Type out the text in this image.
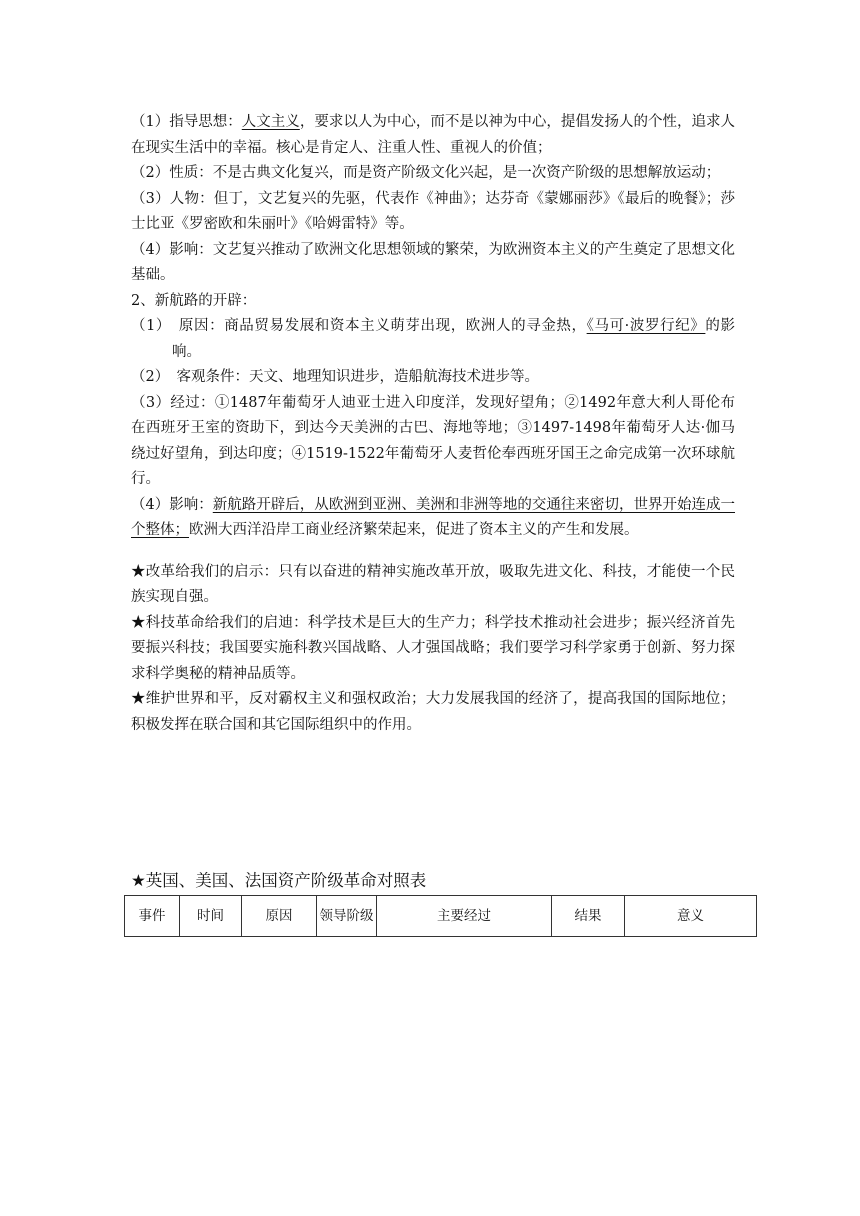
（1）指导思想：人文主义，要求以人为中心，而不是以神为中心，提倡发扬人的个性，追求人在现实生活中的幸福。核心是肯定人、注重人性、重视人的价值；

（2）性质：不是古典文化复兴，而是资产阶级文化兴起，是一次资产阶级的思想解放运动；

（3）人物：但丁，文艺复兴的先驱，代表作《神曲》；达芬奇《蒙娜丽莎》《最后的晚餐》；莎士比亚《罗密欧和朱丽叶》《哈姆雷特》等。

（4）影响：文艺复兴推动了欧洲文化思想领域的繁荣，为欧洲资本主义的产生奠定了思想文化基础。

2、新航路的开辟：

（1）　原因：商品贸易发展和资本主义萌芽出现，欧洲人的寻金热，《马可·波罗行纪》的影响。

（2）　客观条件：天文、地理知识进步，造船航海技术进步等。

（3）经过：①1487年葡萄牙人迪亚士进入印度洋，发现好望角；②1492年意大利人哥伦布在西班牙王室的资助下，到达今天美洲的古巴、海地等地；③1497-1498年葡萄牙人达·伽马绕过好望角，到达印度；④1519-1522年葡萄牙人麦哲伦奉西班牙国王之命完成第一次环球航行。

（4）影响：新航路开辟后，从欧洲到亚洲、美洲和非洲等地的交通往来密切，世界开始连成一个整体；欧洲大西洋沿岸工商业经济繁荣起来，促进了资本主义的产生和发展。

★改革给我们的启示：只有以奋进的精神实施改革开放，吸取先进文化、科技，才能使一个民族实现自强。

★科技革命给我们的启迪：科学技术是巨大的生产力；科学技术推动社会进步；振兴经济首先要振兴科技；我国要实施科教兴国战略、人才强国战略；我们要学习科学家勇于创新、努力探求科学奥秘的精神品质等。

★维护世界和平，反对霸权主义和强权政治；大力发展我国的经济了，提高我国的国际地位；积极发挥在联合国和其它国际组织中的作用。

★英国、美国、法国资产阶级革命对照表
事件	时间	原因	领导阶级	主要经过	结果	意义
